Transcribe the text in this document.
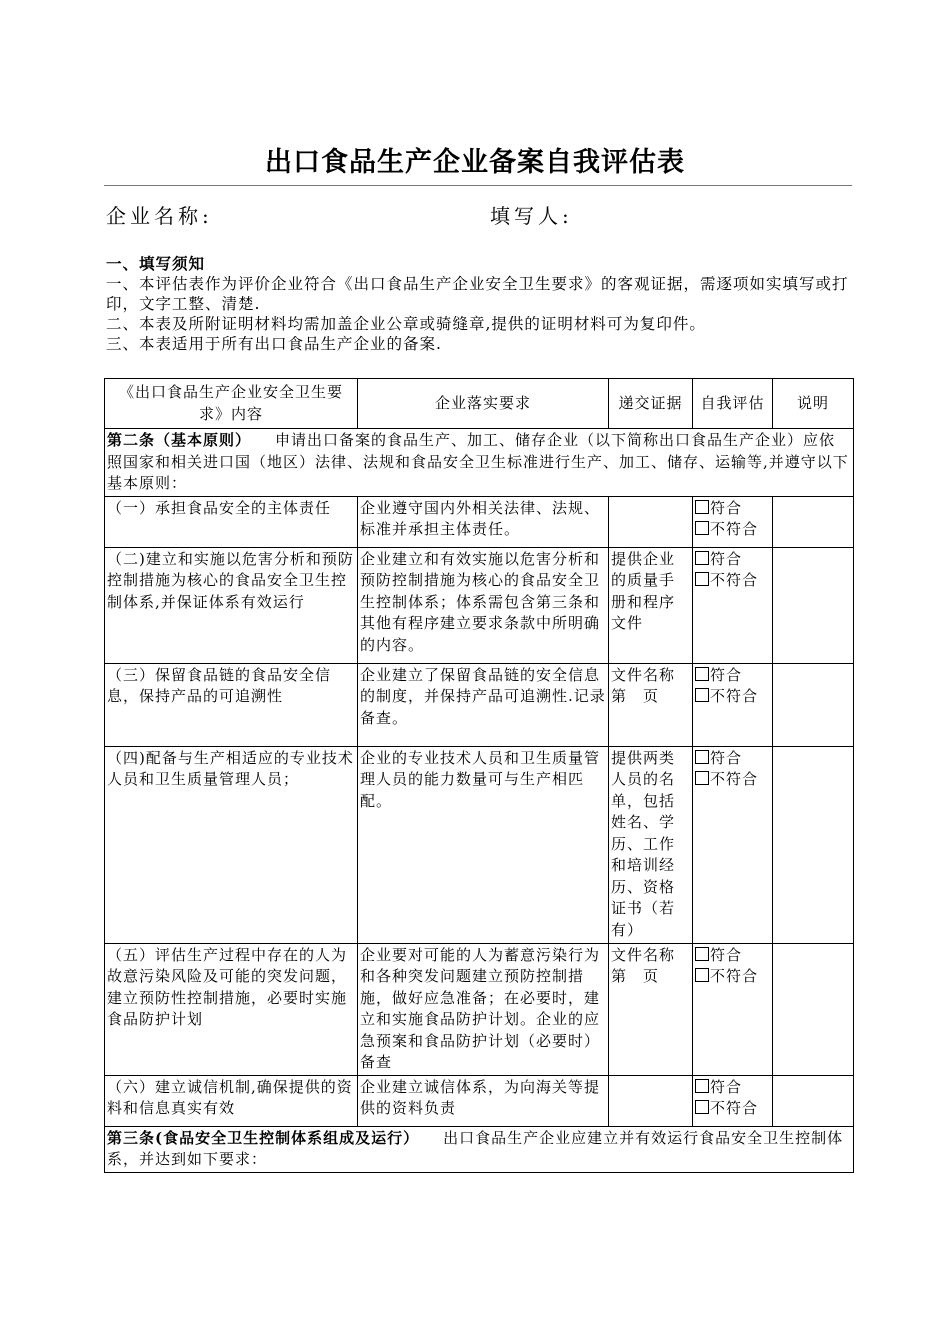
出口食品生产企业备案自我评估表
企业名称:	填写人:

一、填写须知

一、本评估表作为评价企业符合《出口食品生产企业安全卫生要求》的客观证据，需逐项如实填写或打印，文字工整、清楚.

二、本表及所附证明材料均需加盖企业公章或骑缝章,提供的证明材料可为复印件。

三、本表适用于所有出口食品生产企业的备案.

《出口食品生产企业安全卫生要求》内容	企业落实要求	递交证据	自我评估	说明
第二条（基本原则） 申请出口备案的食品生产、加工、储存企业（以下简称出口食品生产企业）应依照国家和相关进口国（地区）法律、法规和食品安全卫生标准进行生产、加工、储存、运输等,并遵守以下基本原则：				
（一）承担食品安全的主体责任	企业遵守国内外相关法律、法规、标准并承担主体责任。		符合
不符合	

（二)建立和实施以危害分析和预防控制措施为核心的食品安全卫生控制体系,并保证体系有效运行	企业建立和有效实施以危害分析和预防控制措施为核心的食品安全卫生控制体系；体系需包含第三条和其他有程序建立要求条款中所明确的内容。	提供企业的质量手册和程序文件	符合
不符合	

（三）保留食品链的食品安全信息，保持产品的可追溯性	企业建立了保留食品链的安全信息的制度，并保持产品可追溯性.记录备查。	文件名称第　页	符合
不符合	

（四)配备与生产相适应的专业技术人员和卫生质量管理人员；	企业的专业技术人员和卫生质量管理人员的能力数量可与生产相匹配。	提供两类人员的名单，包括姓名、学历、工作和培训经历、资格证书（若有）	符合
不符合	

（五）评估生产过程中存在的人为故意污染风险及可能的突发问题，建立预防性控制措施，必要时实施食品防护计划	企业要对可能的人为蓄意污染行为和各种突发问题建立预防控制措施，做好应急准备；在必要时，建立和实施食品防护计划。企业的应急预案和食品防护计划（必要时）备查	文件名称第　页	符合
不符合	

（六）建立诚信机制,确保提供的资料和信息真实有效	企业建立诚信体系，为向海关等提供的资料负责		符合
不符合	

第三条(食品安全卫生控制体系组成及运行） 出口食品生产企业应建立并有效运行食品安全卫生控制体系，并达到如下要求：				
